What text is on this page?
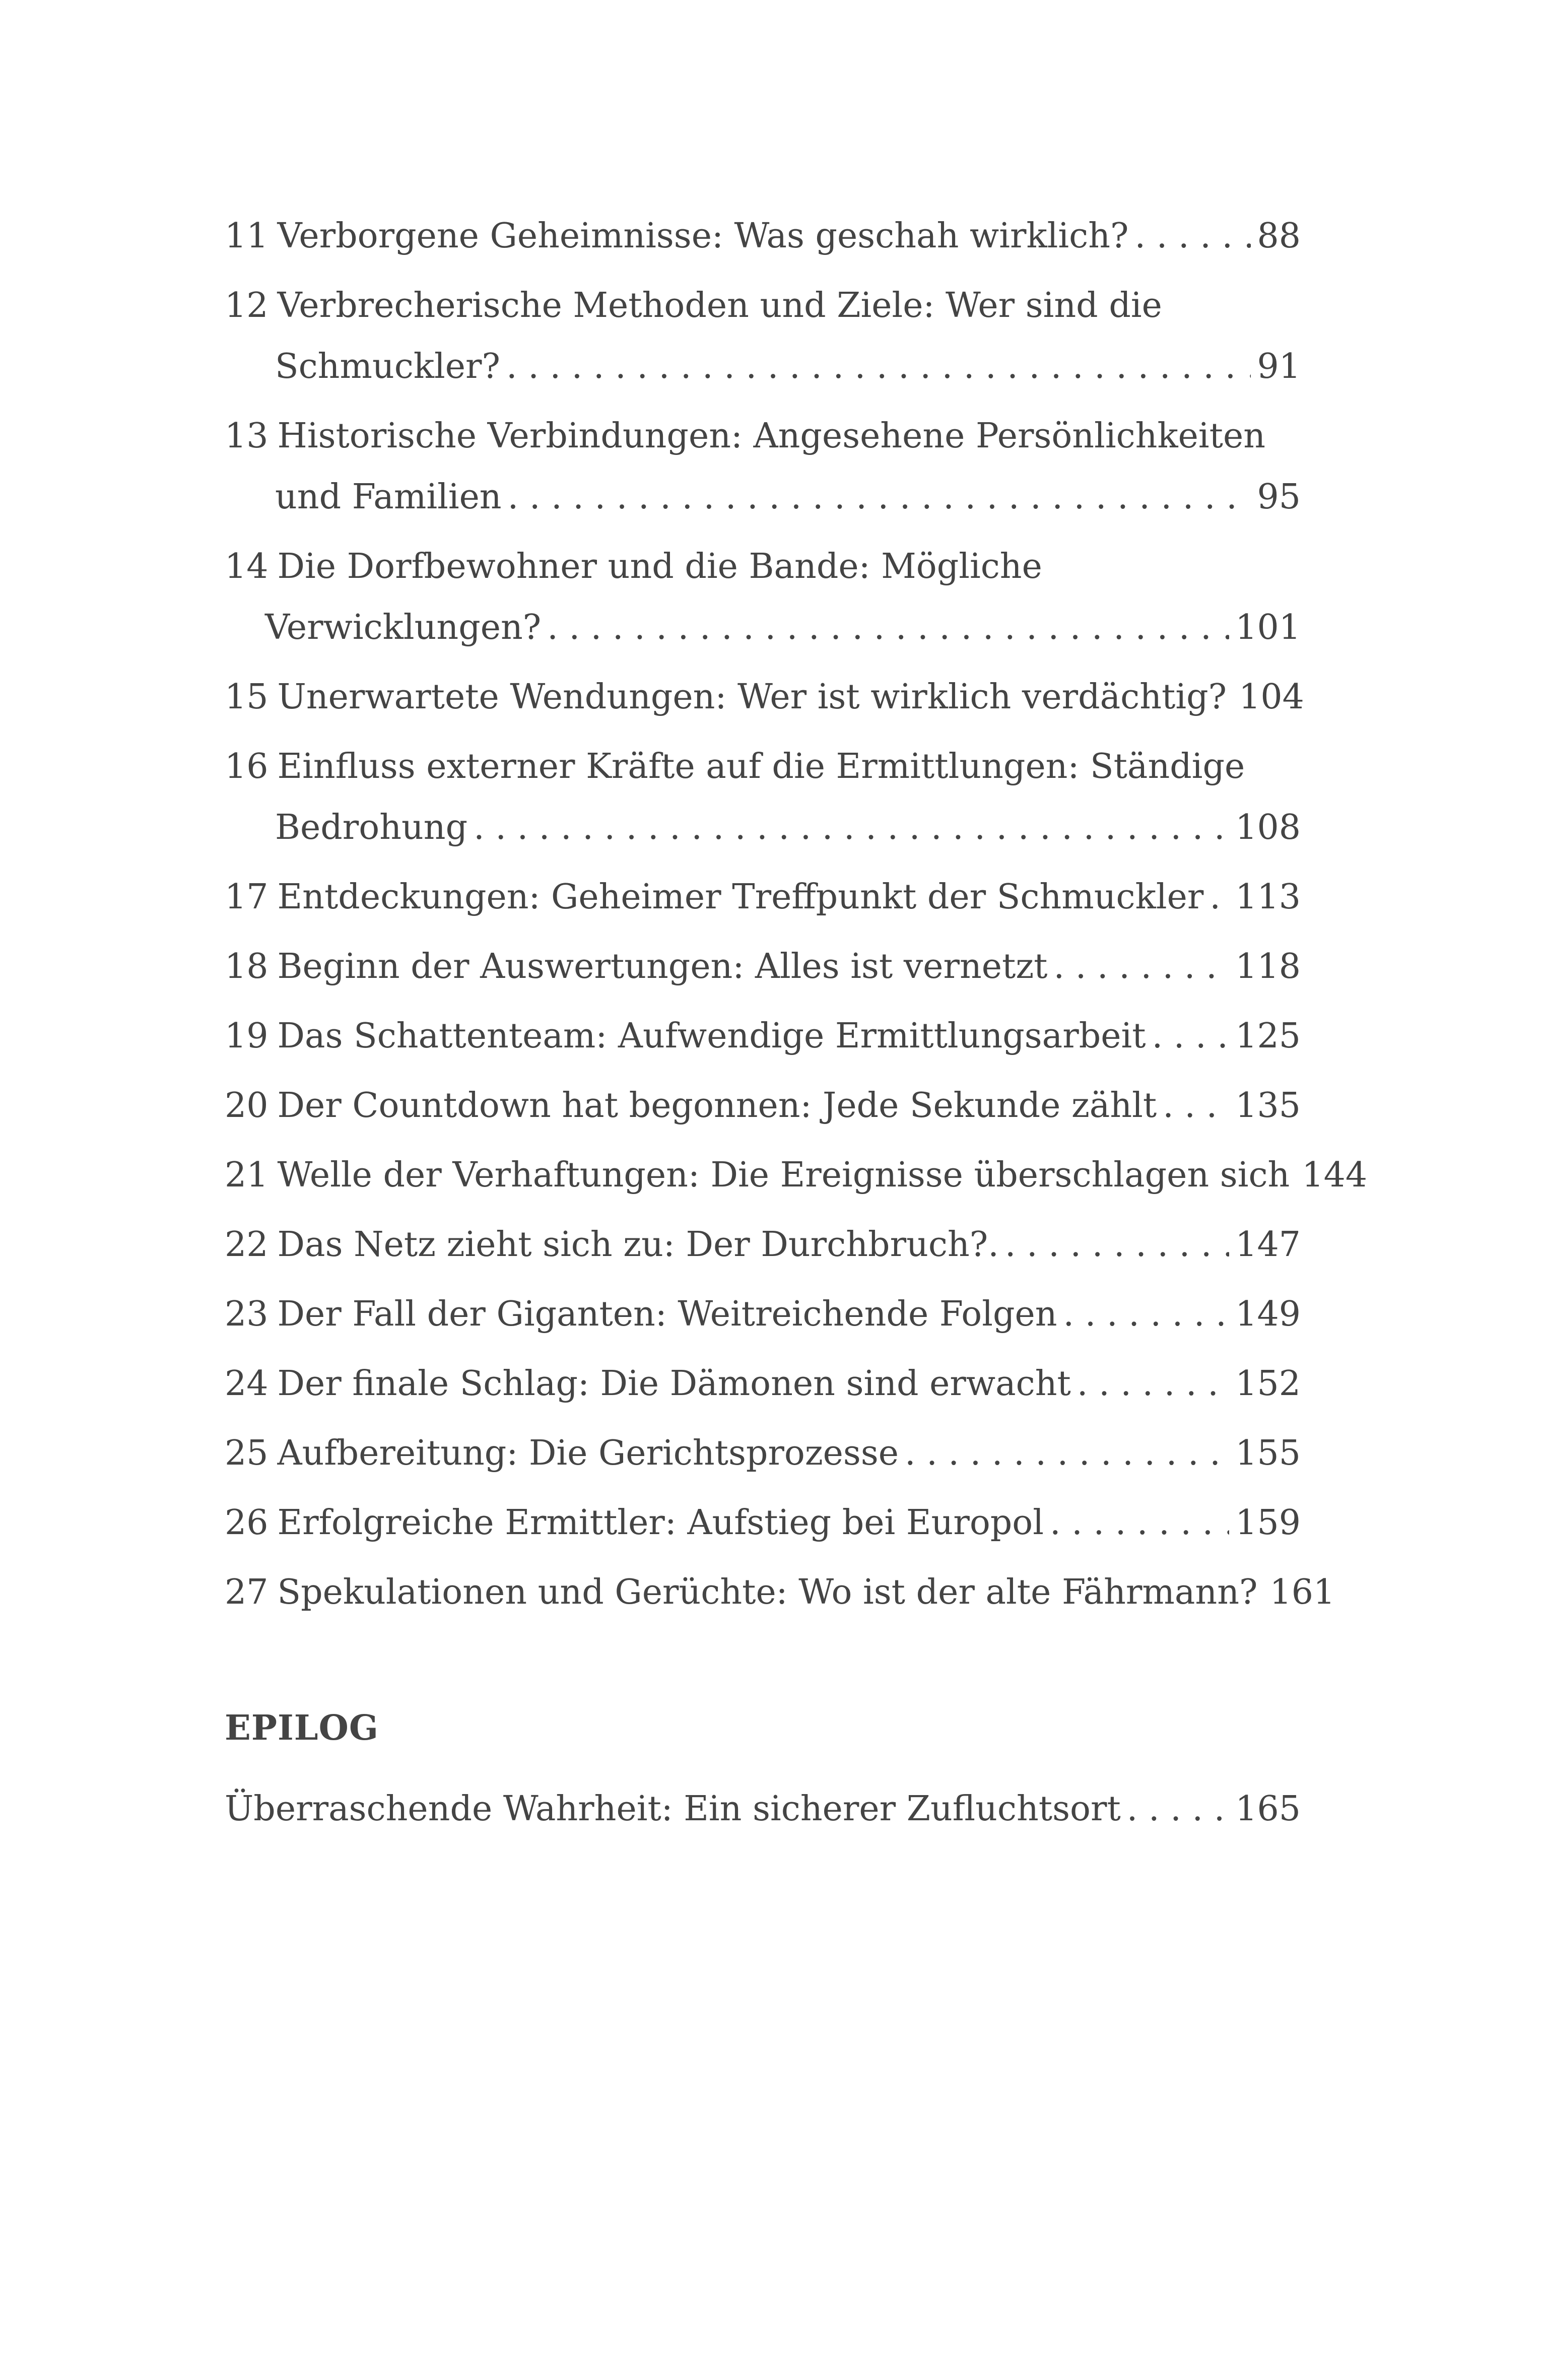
11 Verborgene Geheimnisse: Was geschah wirklich? . . .	88
12 Verbrecherische Methoden und Ziele: Wer sind die
Schmuckler? . . .	91
13 Historische Verbindungen: Angesehene Persönlichkeiten
und Familien . . .	95
14 Die Dorfbewohner und die Bande: Mögliche
Verwicklungen? . . .	101
15 Unerwartete Wendungen: Wer ist wirklich verdächtig? 104
16 Einfluss externer Kräfte auf die Ermittlungen: Ständige
Bedrohung . . .	108
17 Entdeckungen: Geheimer Treffpunkt der Schmuckler . . . 113
18 Beginn der Auswertungen: Alles ist vernetzt . . .	118
19 Das Schattenteam: Aufwendige Ermittlungsarbeit . . .	125
20 Der Countdown hat begonnen: Jede Sekunde zählt . . . 135
21 Welle der Verhaftungen: Die Ereignisse überschlagen sich 144
22 Das Netz zieht sich zu: Der Durchbruch?. . . .	147
23 Der Fall der Giganten: Weitreichende Folgen . . .	149
24 Der finale Schlag: Die Dämonen sind erwacht . . .	152
25 Aufbereitung: Die Gerichtsprozesse . . .	155
26 Erfolgreiche Ermittler: Aufstieg bei Europol . . .	159
27 Spekulationen und Gerüchte: Wo ist der alte Fährmann? 161
EPILOG
Überraschende Wahrheit: Ein sicherer Zufluchtsort . . .	165
